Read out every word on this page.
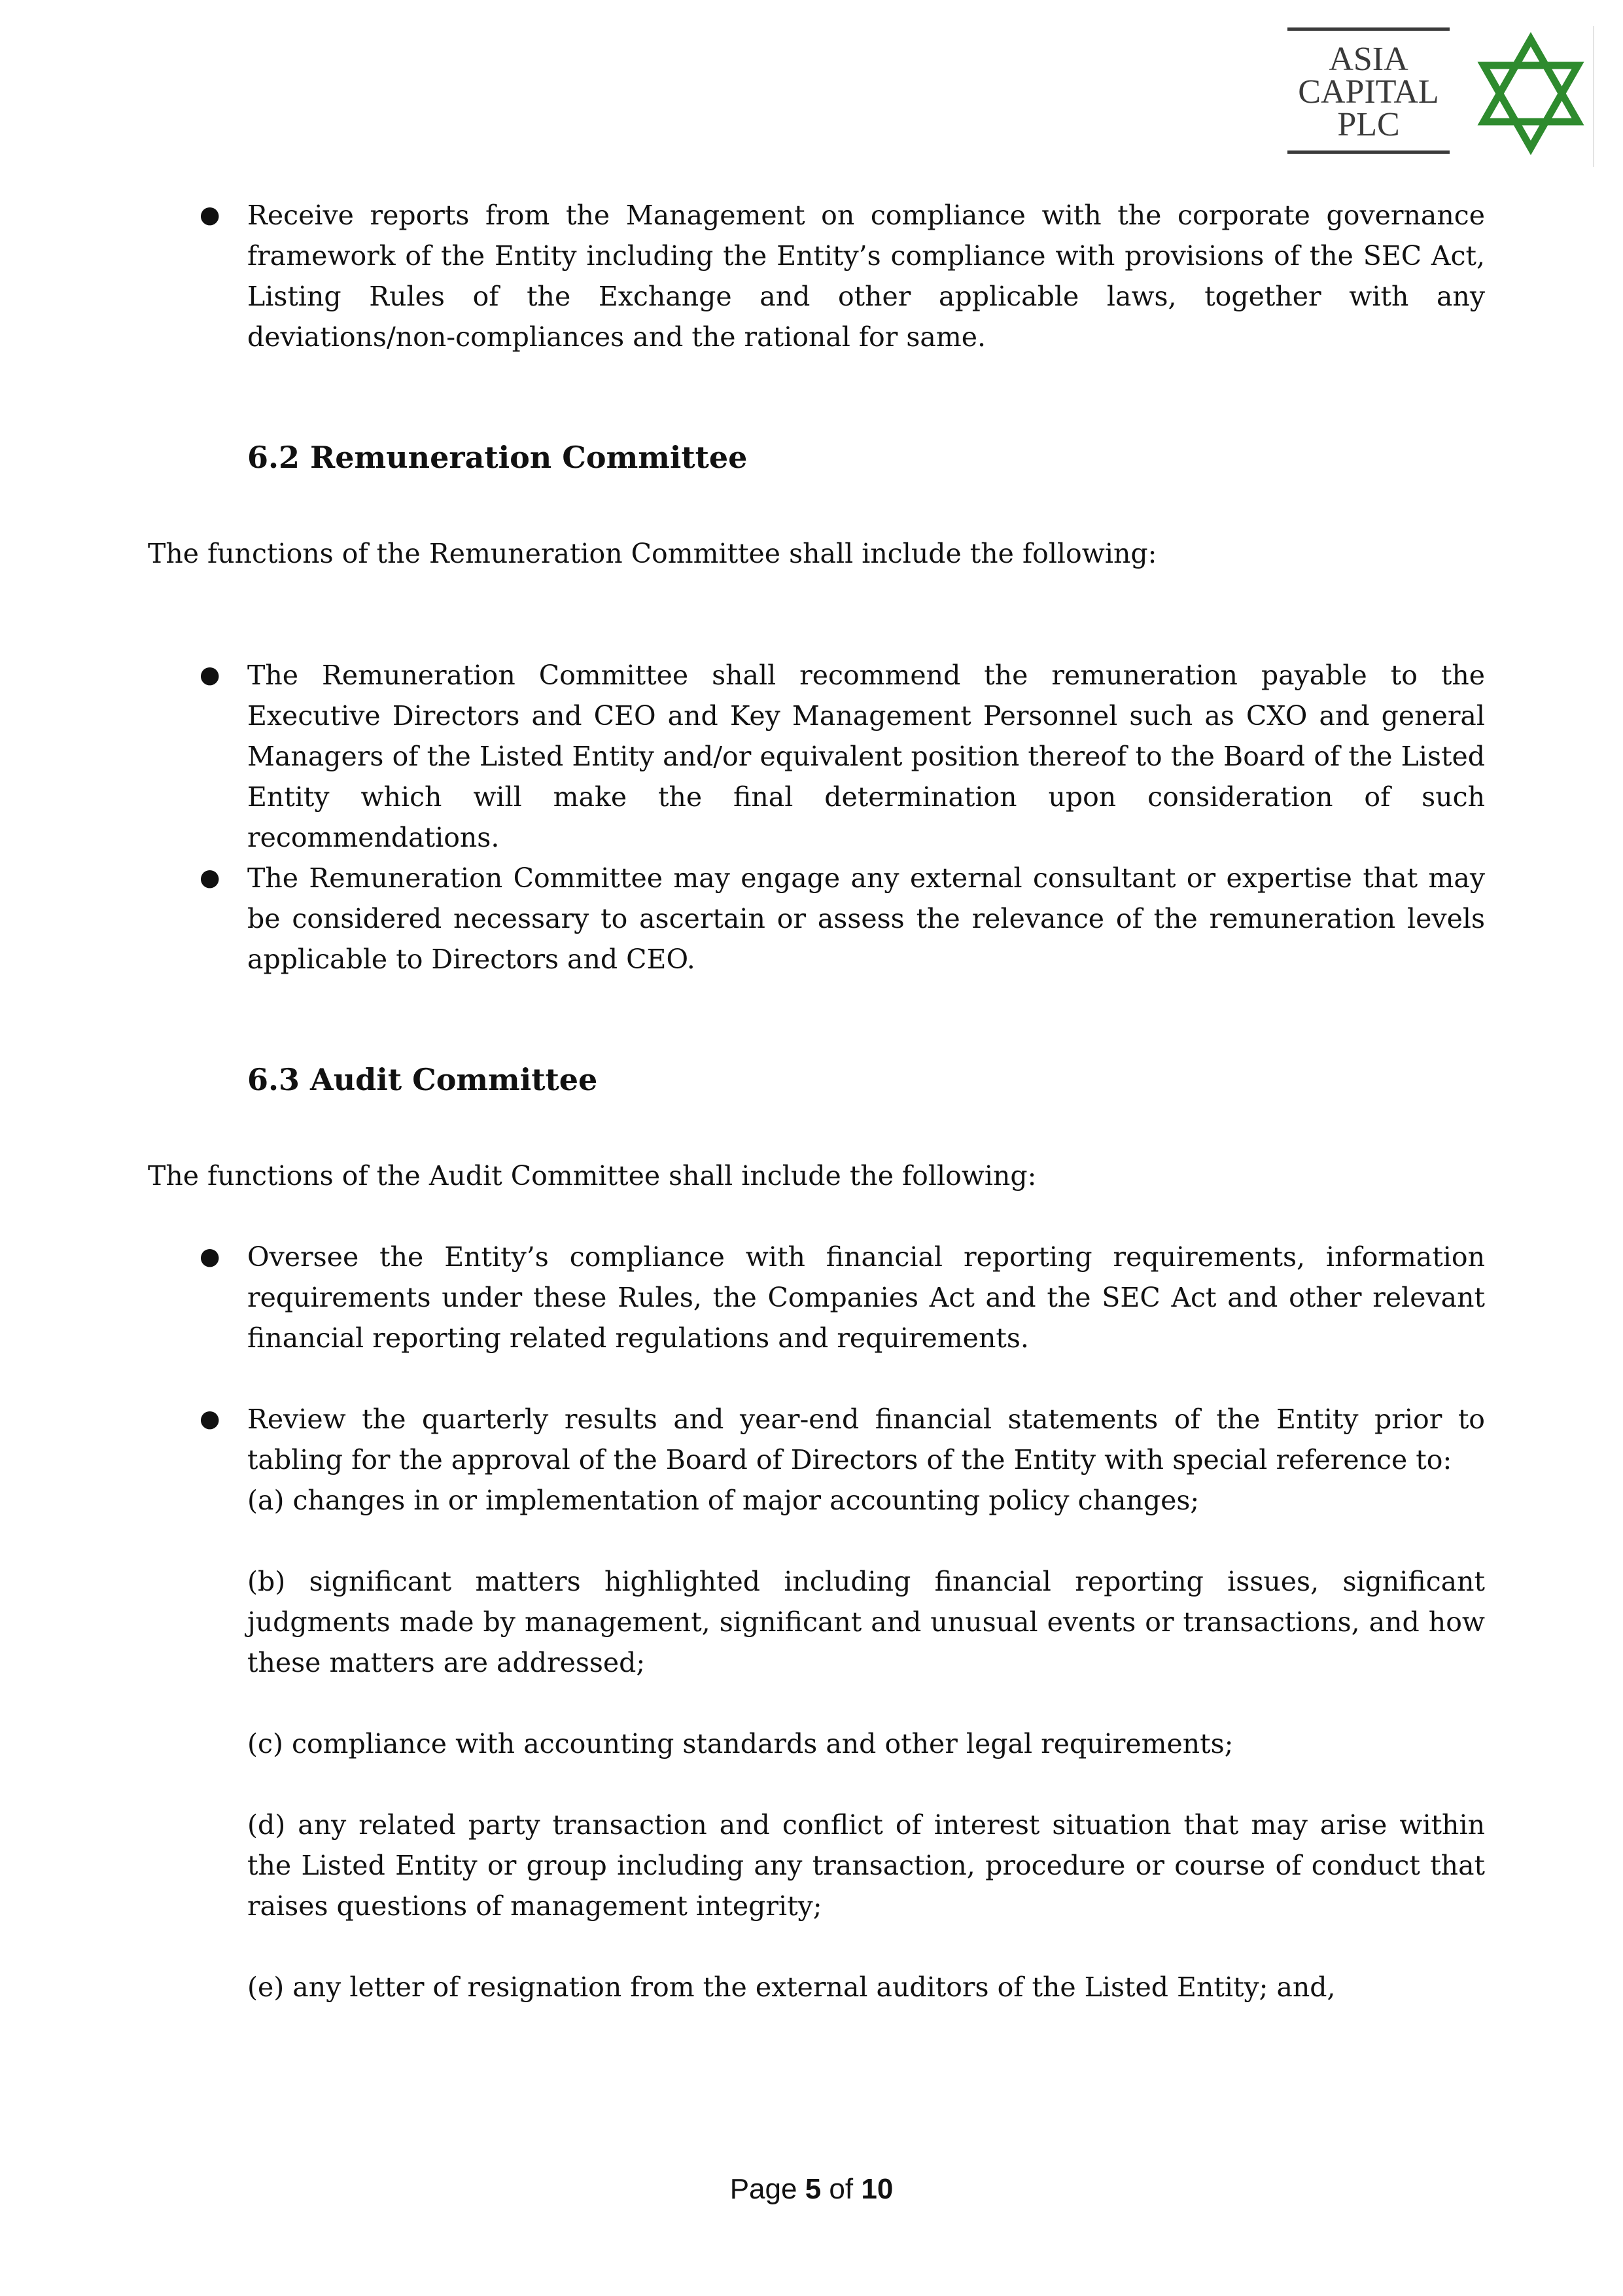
ASIA
CAPITAL
PLC
● Receive reports from the Management on compliance with the corporate governance framework of the Entity including the Entity’s compliance with provisions of the SEC Act, Listing Rules of the Exchange and other applicable laws, together with any deviations/non-compliances and the rational for same.
6.2 Remuneration Committee
The functions of the Remuneration Committee shall include the following:
● The Remuneration Committee shall recommend the remuneration payable to the Executive Directors and CEO and Key Management Personnel such as CXO and general Managers of the Listed Entity and/or equivalent position thereof to the Board of the Listed Entity which will make the final determination upon consideration of such recommendations.
● The Remuneration Committee may engage any external consultant or expertise that may be considered necessary to ascertain or assess the relevance of the remuneration levels applicable to Directors and CEO.
6.3 Audit Committee
The functions of the Audit Committee shall include the following:
● Oversee the Entity’s compliance with financial reporting requirements, information requirements under these Rules, the Companies Act and the SEC Act and other relevant financial reporting related regulations and requirements.
● Review the quarterly results and year-end financial statements of the Entity prior to tabling for the approval of the Board of Directors of the Entity with special reference to:
(a) changes in or implementation of major accounting policy changes;
(b) significant matters highlighted including financial reporting issues, significant judgments made by management, significant and unusual events or transactions, and how these matters are addressed;
(c) compliance with accounting standards and other legal requirements;
(d) any related party transaction and conflict of interest situation that may arise within the Listed Entity or group including any transaction, procedure or course of conduct that raises questions of management integrity;
(e) any letter of resignation from the external auditors of the Listed Entity; and,
Page 5 of 10
